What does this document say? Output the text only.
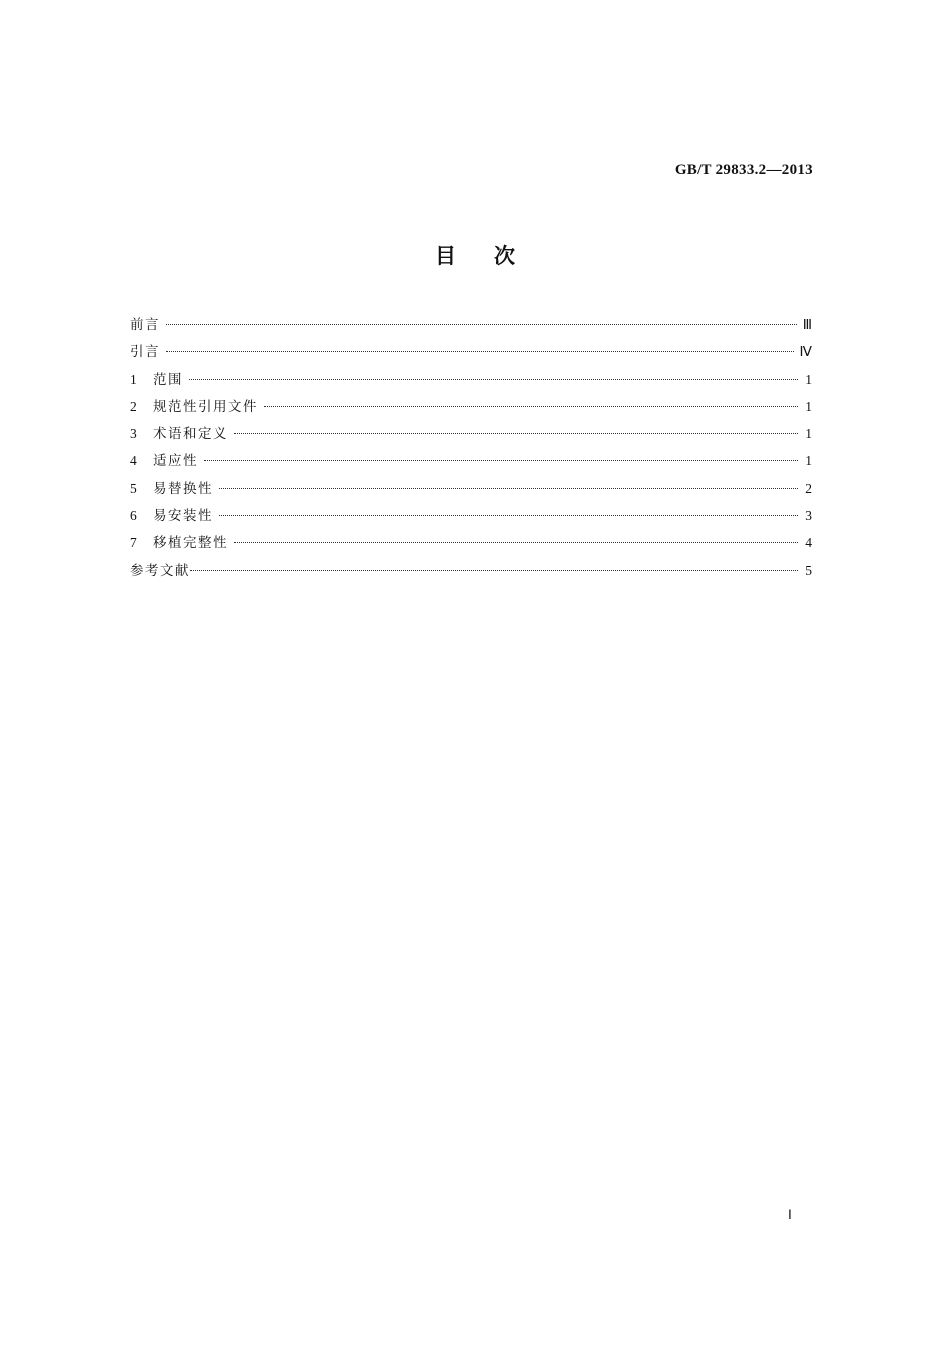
GB/T 29833.2—2013
目次
前言	Ⅲ
引言	Ⅳ
1	范围	1
2	规范性引用文件	1
3	术语和定义	1
4	适应性	1
5	易替换性	2
6	易安装性	3
7	移植完整性	4
参考文献	5
Ⅰ
